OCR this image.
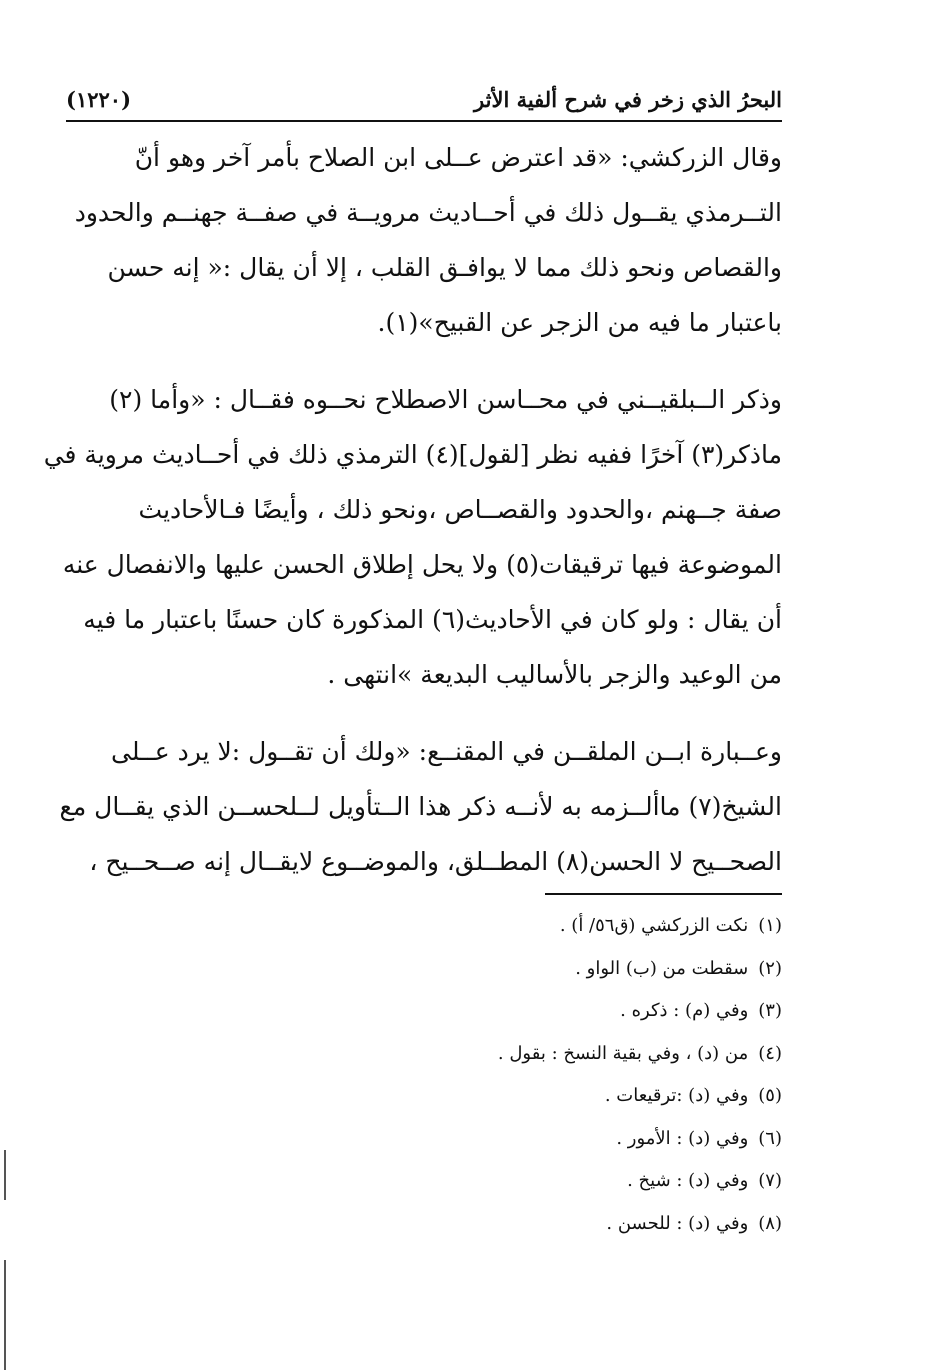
البحرُ الذي زخر في شرح ألفية الأثر
(١٢٢٠)
وقال الزركشي: «قد اعترض عــلى ابن الصلاح بأمر آخر وهو أنّ
التــرمذي يقــول ذلك في أحــاديث مرويــة في صفــة جهنــم والحدود
والقصاص ونحو ذلك مما لا يوافـق القلب ، إلا أن يقال :« إنه حسن
باعتبار ما فيه من الزجر عن القبيح»(١).
وذكر الــبلقيــني في محــاسن الاصطلاح نحــوه فقــال : «وأما (٢)
ماذكر(٣) آخرًا ففيه نظر [لقول](٤) الترمذي ذلك في أحــاديث مروية في
صفة جــهنم ،والحدود والقصــاص ،ونحو ذلك ، وأيضًا فـالأحاديث
الموضوعة فيها ترقيقات(٥) ولا يحل إطلاق الحسن عليها والانفصال عنه
أن يقال : ولو كان في الأحاديث(٦) المذكورة كان حسنًا باعتبار ما فيه
من الوعيد والزجر بالأساليب البديعة »انتهى .
وعــبارة ابــن الملقــن في المقنــع: «ولك أن تقــول :لا يرد عــلى
الشيخ(٧) ماألــزمه به لأنــه ذكر هذا الــتأويل لــلحســن الذي يقــال مع
الصحــيح لا الحسن(٨) المطــلق، والموضــوع لايقــال إنه صــحــيح ،
(١)نكت الزركشي (ق٥٦/ أ) .
(٢)سقطت من (ب) الواو .
(٣)وفي (م) : ذكره .
(٤)من (د) ، وفي بقية النسخ : بقول .
(٥)وفي (د) :ترقيعات .
(٦)وفي (د) : الأمور .
(٧)وفي (د) : شيخ .
(٨)وفي (د) : للحسن .
